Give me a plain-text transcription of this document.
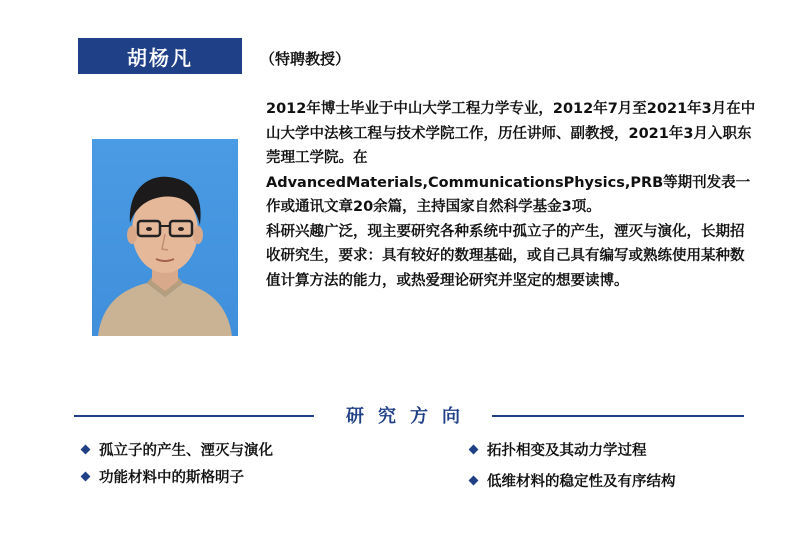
胡杨凡	（特聘教授）

2012年博士毕业于中山大学工程力学专业，2012年7月至2021年3月在中山大学中法核工程与技术学院工作，历任讲师、副教授，2021年3月入职东莞理工学院。在AdvancedMaterials,CommunicationsPhysics,PRB等期刊发表一作或通讯文章20余篇，主持国家自然科学基金3项。

科研兴趣广泛，现主要研究各种系统中孤立子的产生，湮灭与演化，长期招收研究生，要求：具有较好的数理基础，或自己具有编写或熟练使用某种数值计算方法的能力，或热爱理论研究并坚定的想要读博。

研究方向
孤立子的产生、湮灭与演化
功能材料中的斯格明子
拓扑相变及其动力学过程
低维材料的稳定性及有序结构
